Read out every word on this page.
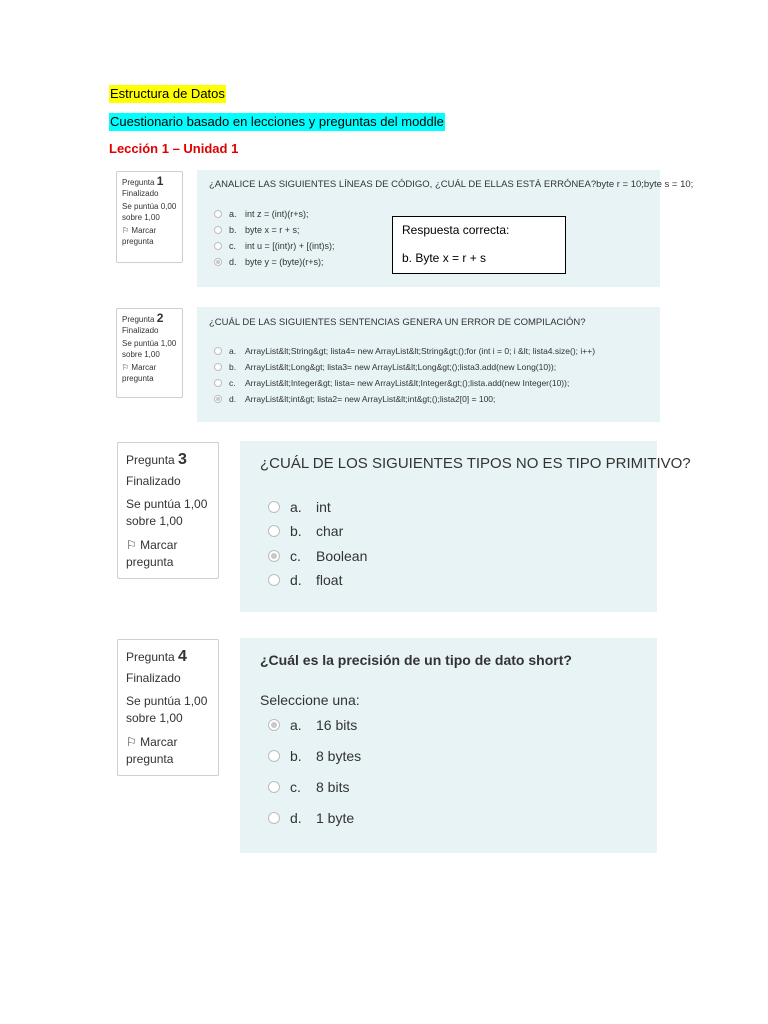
Estructura de Datos
Cuestionario basado en lecciones y preguntas del moddle
Lección 1 – Unidad 1
Pregunta 1
Finalizado
Se puntúa 0,00
sobre 1,00
⚐ Marcar
pregunta
¿ANALICE LAS SIGUIENTES LÍNEAS DE CÓDIGO, ¿CUÁL DE ELLAS ESTÁ ERRÓNEA?byte r = 10;byte s = 10;
a. int z = (int)(r+s);
b. byte x = r + s;
c. int u = [(int)r) + [(int)s);
d. byte y = (byte)(r+s);
Respuesta correcta:
b. Byte x = r + s
Pregunta 2
Finalizado
Se puntúa 1,00
sobre 1,00
⚐ Marcar
pregunta
¿CUÁL DE LAS SIGUIENTES SENTENCIAS GENERA UN ERROR DE COMPILACIÓN?
a.	ArrayList&lt;String&gt; lista4= new ArrayList&lt;String&gt;();for (int i = 0; i &lt; lista4.size(); i++)
b.	ArrayList&lt;Long&gt; lista3= new ArrayList&lt;Long&gt;();lista3.add(new Long(10));
c.	ArrayList&lt;Integer&gt; lista= new ArrayList&lt;Integer&gt;();lista.add(new Integer(10));
d.	ArrayList&lt;int&gt; lista2= new ArrayList&lt;int&gt;();lista2[0] = 100;
Pregunta 3
Finalizado
Se puntúa 1,00
sobre 1,00
⚐ Marcar
pregunta
¿CUÁL DE LOS SIGUIENTES TIPOS NO ES TIPO PRIMITIVO?
a.	int
b.	char
c.	Boolean
d.	float
Pregunta 4
Finalizado
Se puntúa 1,00
sobre 1,00
⚐ Marcar
pregunta
¿Cuál es la precisión de un tipo de dato short?
Seleccione una:
a.	16 bits
b.	8 bytes
c.	8 bits
d.	1 byte
